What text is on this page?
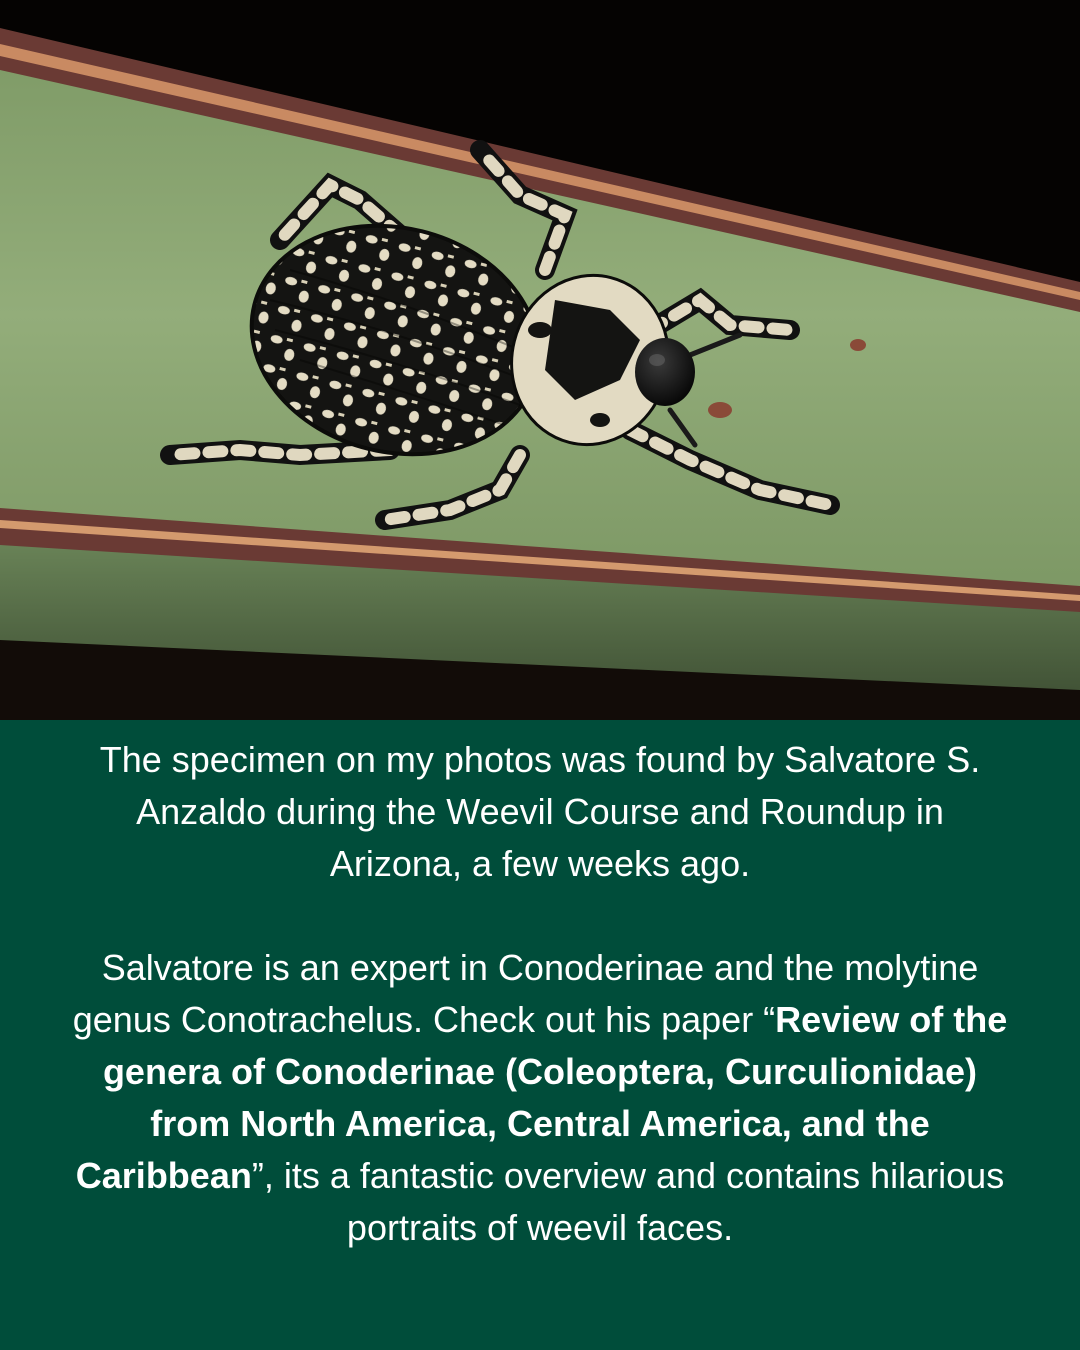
The specimen on my photos was found by Salvatore S. Anzaldo during the Weevil Course and Roundup in Arizona, a few weeks ago.

Salvatore is an expert in Conoderinae and the molytine genus Conotrachelus. Check out his paper “Review of the genera of Conoderinae (Coleoptera, Curculionidae) from North America, Central America, and the Caribbean”, its a fantastic overview and contains hilarious portraits of weevil faces.
